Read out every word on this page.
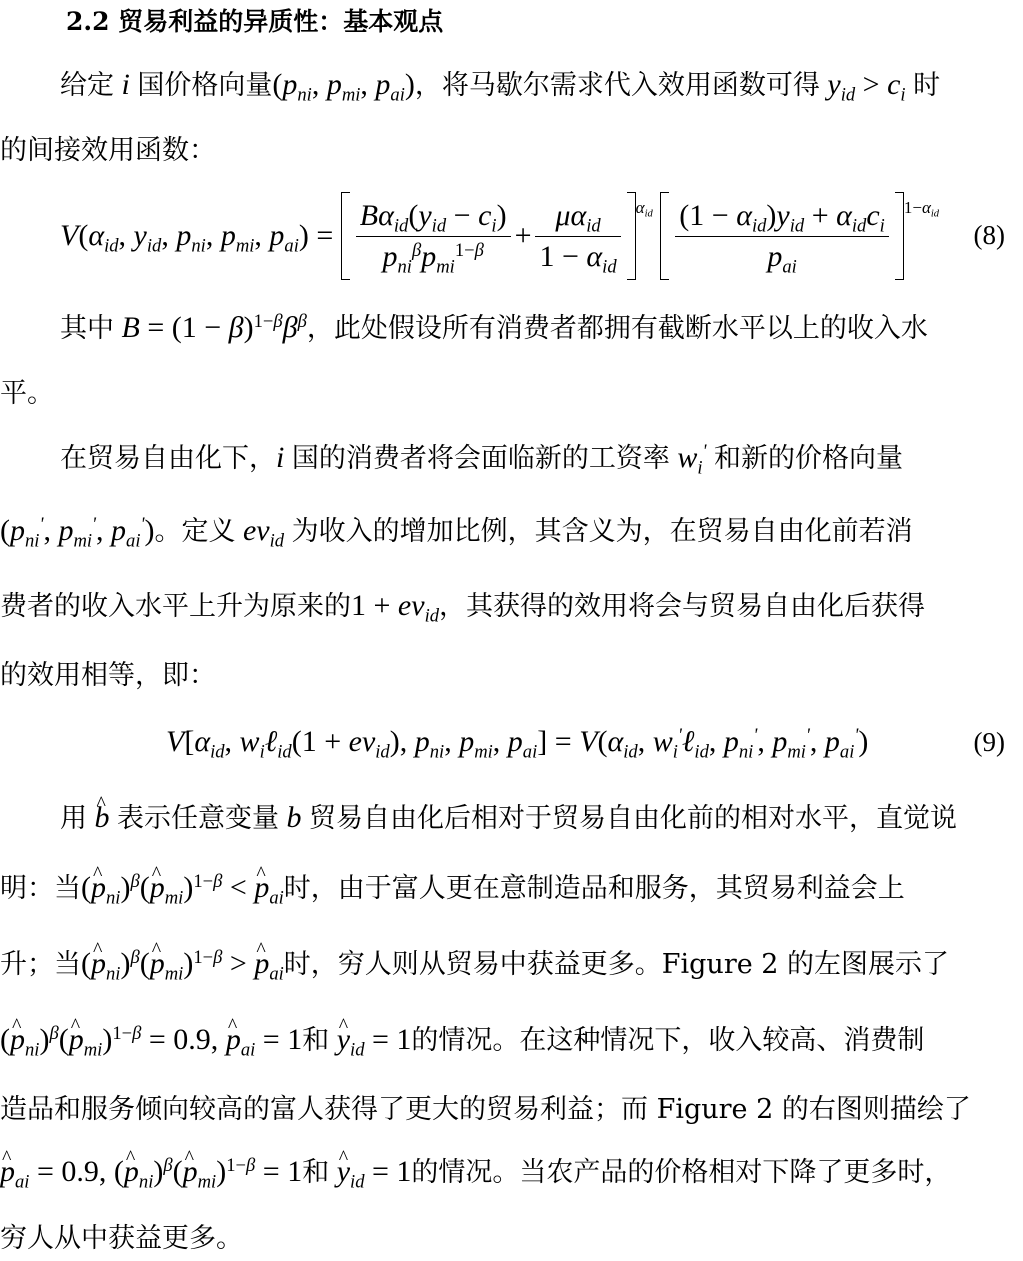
2.2 贸易利益的异质性：基本观点
给定 i 国价格向量($p_{ni}$, $p_{mi}$, $p_{ai}$)，将马歇尔需求代入效用函数可得 $y_{id} > c_i$ 时
的间接效用函数：
$V(\alpha_{id}$, $y_{id}$, $p_{ni}$, $p_{mi}$, $p_{ai}) = \frac{B\alpha_{id}(y_{id} - c_i)}{p_{ni}^\beta p_{mi}^{1-\beta}} + \frac{\mu\alpha_{id}}{1 - \alpha_{id}} \alpha_{id} \frac{(1 - \alpha_{id})y_{id} + \alpha_{id}c_i}{p_{ai}} 1-\alpha_{id}$
(8)
其中 $B = (1 - \beta)^{1-\beta}\beta^\beta$，此处假设所有消费者都拥有截断水平以上的收入水
平。
在贸易自由化下，i 国的消费者将会面临新的工资率 $w_i'$ 和新的价格向量
($p_{ni}'$, $p_{mi}'$, $p_{ai}'$)。定义 $ev_{id}$ 为收入的增加比例，其含义为，在贸易自由化前若消
费者的收入水平上升为原来的$1 + ev_{id}$，其获得的效用将会与贸易自由化后获得
的效用相等，即：
$V[\alpha_{id}$, $w_i\ell_{id}(1 + ev_{id})$, $p_{ni}$, $p_{mi}$, $p_{ai}] = V(\alpha_{id}$, $w_i'\ell_{id}$, $p_{ni}'$, $p_{mi}'$, $p_{ai}'$)	(9)
用 ^ b 表示任意变量 b 贸易自由化后相对于贸易自由化前的相对水平，直觉说
明：当(^ $p_{ni})^\beta(\^{}$ $p_{mi})^{1-\beta}$ < ^ $p_{ai}$时，由于富人更在意制造品和服务，其贸易利益会上
升；当(^ $p_{ni})^\beta(\^{}$ $p_{mi})^{1-\beta}$ > ^ $p_{ai}$时，穷人则从贸易中获益更多。Figure 2 的左图展示了
(^ $p_{ni})^\beta(\^{}$ $p_{mi})^{1-\beta} = 0.9$, ^ $p_{ai} = 1$和 ^ $y_{id} = 1$的情况。在这种情况下，收入较高、消费制
造品和服务倾向较高的富人获得了更大的贸易利益；而 Figure 2 的右图则描绘了
^ $p_{ai} = 0.9$, (^ $p_{ni})^\beta(\^{}$ $p_{mi})^{1-\beta} = 1$和 ^ $y_{id} = 1$的情况。当农产品的价格相对下降了更多时，
穷人从中获益更多。
